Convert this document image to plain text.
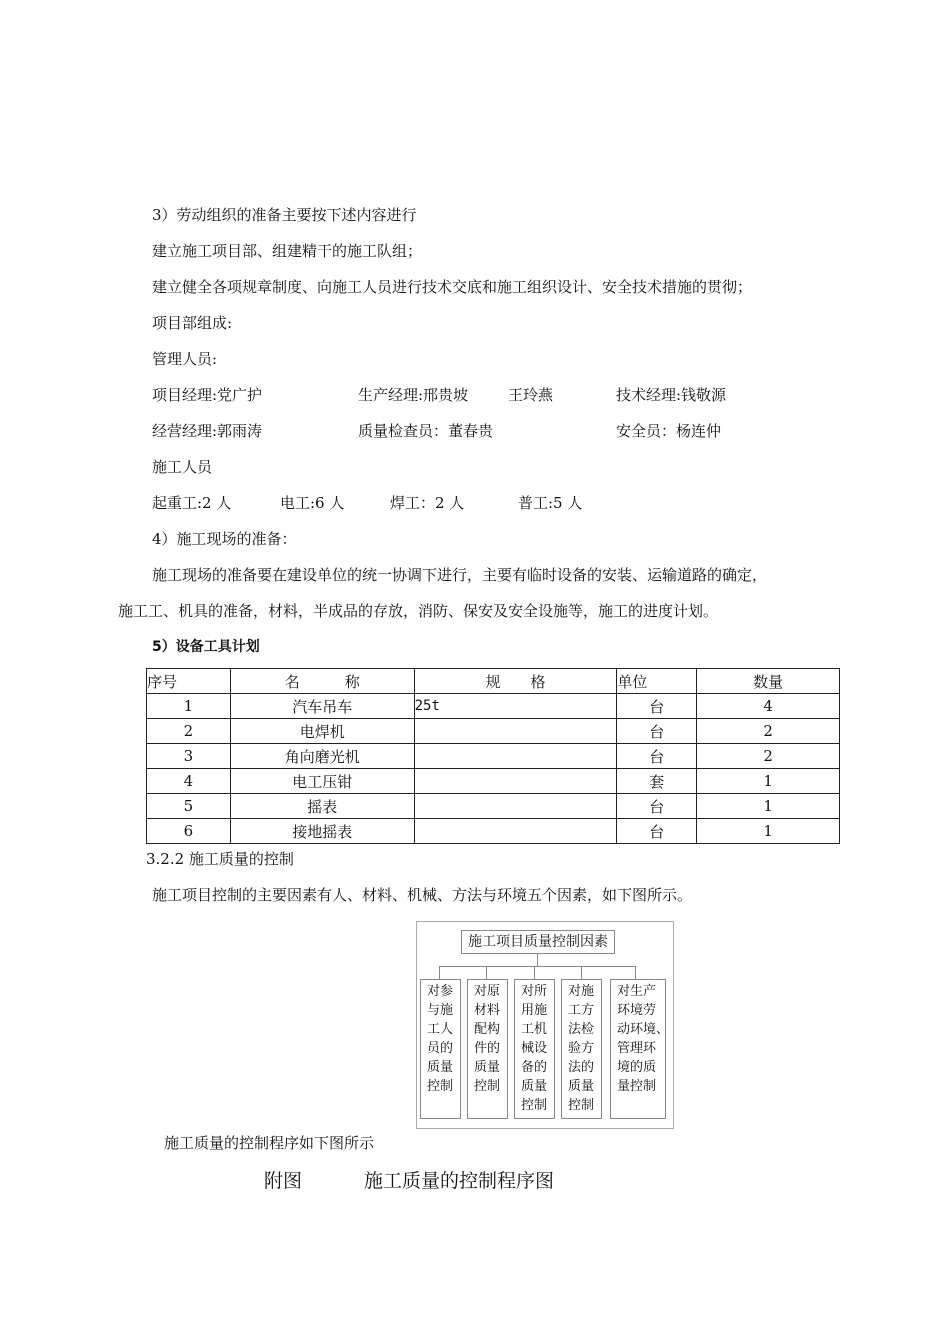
3）劳动组织的准备主要按下述内容进行
建立施工项目部、组建精干的施工队组；
建立健全各项规章制度、向施工人员进行技术交底和施工组织设计、安全技术措施的贯彻；
项目部组成:
管理人员:
项目经理:党广护	生产经理:邢贵坡	王玲燕	技术经理:钱敬源
经营经理:郭雨涛	质量检查员：董春贵	安全员：杨连仲
施工人员
起重工:2 人	电工:6 人	焊工：2 人	普工:5 人
4）施工现场的准备：
施工现场的准备要在建设单位的统一协调下进行，主要有临时设备的安装、运输道路的确定，
施工工、机具的准备，材料，半成品的存放，消防、保安及安全设施等，施工的进度计划。
5）设备工具计划
序号	名　　　称	规　　格	单位	数量
1	汽车吊车	25t	台	4
2	电焊机		台	2
3	角向磨光机		台	2
4	电工压钳		套	1
5	摇表		台	1
6	接地摇表		台	1
3.2.2 施工质量的控制
施工项目控制的主要因素有人、材料、机械、方法与环境五个因素，如下图所示。
施工项目质量控制因素
对参
与施
工人
员的
质量
控制
对原
材料
配构
件的
质量
控制
对所
用施
工机
械设
备的
质量
控制
对施
工方
法检
验方
法的
质量
控制
对生产
环境劳
动环境、
管理环
境的质
量控制
施工质量的控制程序如下图所示
附图	施工质量的控制程序图
